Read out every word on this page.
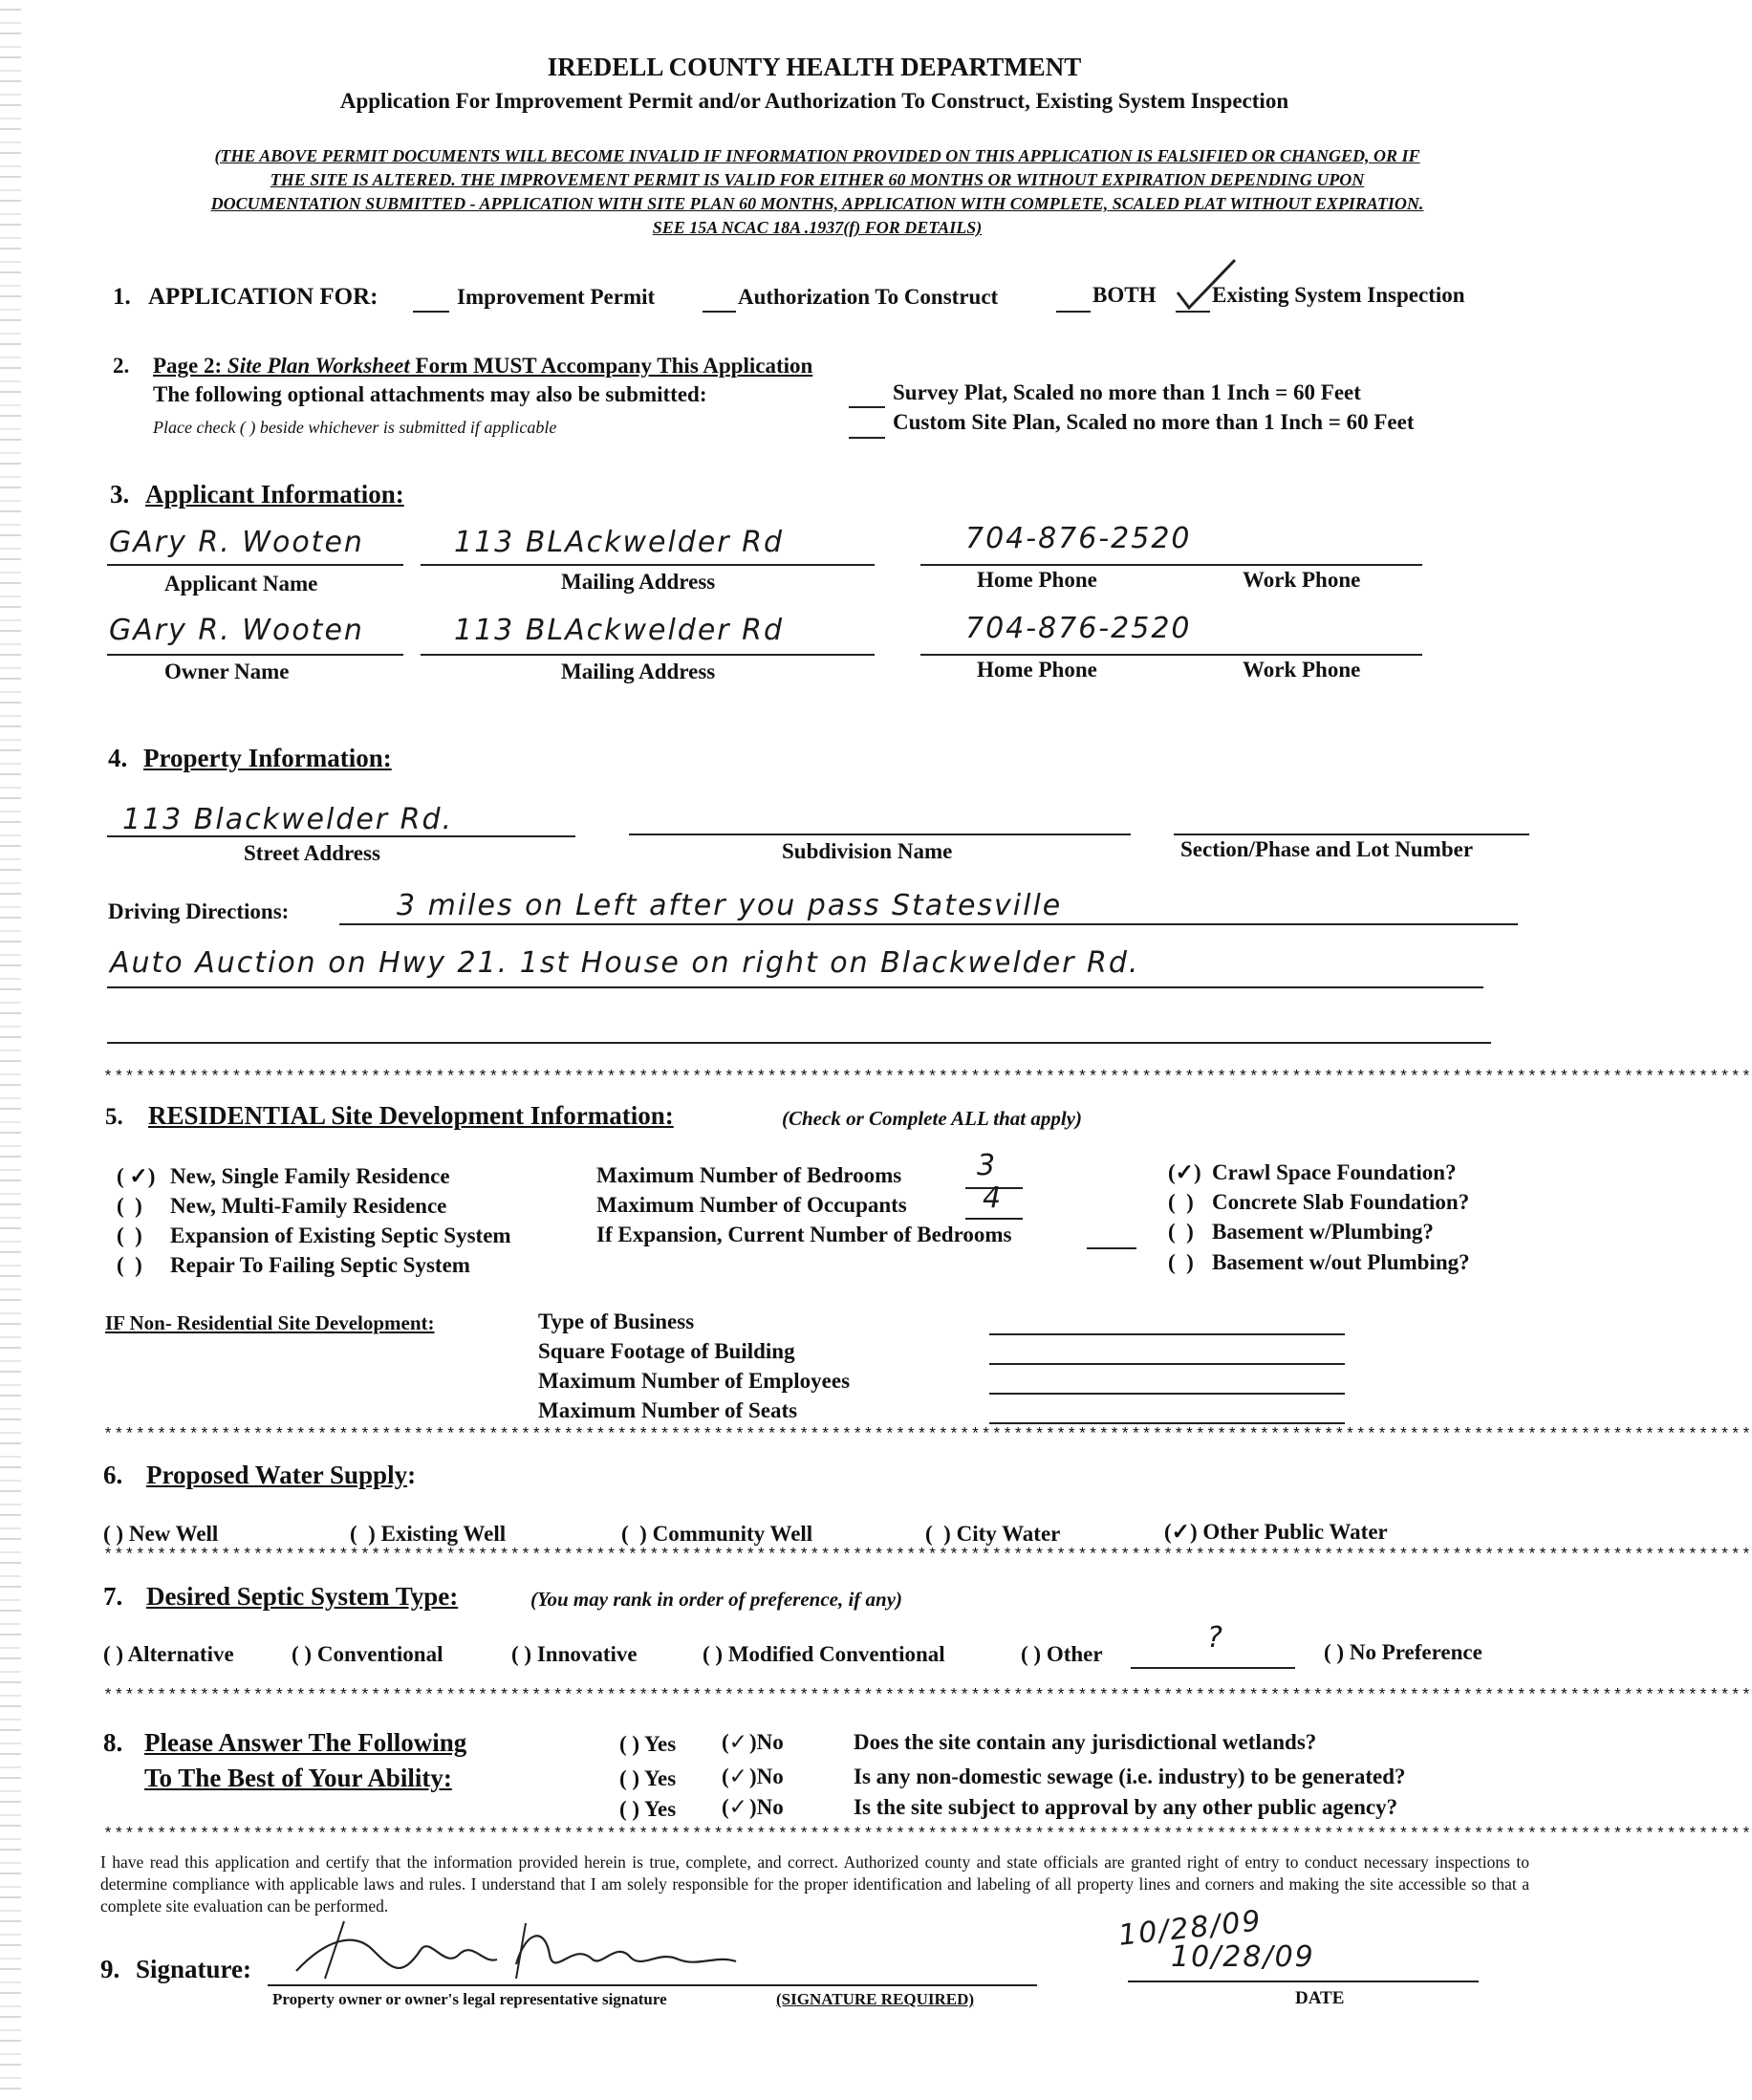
IREDELL COUNTY HEALTH DEPARTMENT
Application For Improvement Permit and/or Authorization To Construct, Existing System Inspection
(THE ABOVE PERMIT DOCUMENTS WILL BECOME INVALID IF INFORMATION PROVIDED ON THIS APPLICATION IS FALSIFIED OR CHANGED, OR IF
THE SITE IS ALTERED. THE IMPROVEMENT PERMIT IS VALID FOR EITHER 60 MONTHS OR WITHOUT EXPIRATION DEPENDING UPON
DOCUMENTATION SUBMITTED - APPLICATION WITH SITE PLAN 60 MONTHS, APPLICATION WITH COMPLETE, SCALED PLAT WITHOUT EXPIRATION.
SEE 15A NCAC 18A .1937(f) FOR DETAILS)
1. APPLICATION FOR:	Improvement Permit	Authorization To Construct	BOTH	Existing System Inspection
2. Page 2: Site Plan Worksheet Form MUST Accompany This Application
The following optional attachments may also be submitted:
Place check ( ) beside whichever is submitted if applicable
Survey Plat, Scaled no more than 1 Inch = 60 Feet
Custom Site Plan, Scaled no more than 1 Inch = 60 Feet
3. Applicant Information:
GAry R. Wooten	113 BLAckwelder Rd	704-876-2520
Applicant Name	Mailing Address	Home Phone	Work Phone
GAry R. Wooten	113 BLAckwelder Rd	704-876-2520
Owner Name	Mailing Address	Home Phone	Work Phone
4. Property Information:
113 Blackwelder Rd.
Street Address	Subdivision Name	Section/Phase and Lot Number
Driving Directions:	3 miles on Left after you pass Statesville
Auto Auction on Hwy 21. 1st House on right on Blackwelder Rd.
**********************************************************************************************************************************************************
5. RESIDENTIAL Site Development Information:	(Check or Complete ALL that apply)
( ✓) New, Single Family Residence
(  ) New, Multi-Family Residence
(  ) Expansion of Existing Septic System
(  ) Repair To Failing Septic System
Maximum Number of Bedrooms	3
Maximum Number of Occupants	4
If Expansion, Current Number of Bedrooms
(✓) Crawl Space Foundation?
(  ) Concrete Slab Foundation?
(  ) Basement w/Plumbing?
(  ) Basement w/out Plumbing?
IF Non- Residential Site Development:	Type of Business
Square Footage of Building
Maximum Number of Employees
Maximum Number of Seats
**********************************************************************************************************************************************************
6. Proposed Water Supply:
( ) New Well	(  ) Existing Well	(  ) Community Well	(  ) City Water	(✓) Other Public Water
**********************************************************************************************************************************************************
7. Desired Septic System Type:	(You may rank in order of preference, if any)
( ) Alternative	( ) Conventional	( ) Innovative	( ) Modified Conventional	( ) Other	?	( ) No Preference
**********************************************************************************************************************************************************
8. Please Answer The Following
To The Best of Your Ability:
( ) Yes (✓)No	Does the site contain any jurisdictional wetlands?
( ) Yes (✓)No	Is any non-domestic sewage (i.e. industry) to be generated?
( ) Yes (✓)No	Is the site subject to approval by any other public agency?
**********************************************************************************************************************************************************
I have read this application and certify that the information provided herein is true, complete, and correct. Authorized county and state officials are granted right of entry to conduct necessary inspections to determine compliance with applicable laws and rules. I understand that I am solely responsible for the proper identification and labeling of all property lines and corners and making the site accessible so that a complete site evaluation can be performed.
9. Signature:
Property owner or owner's legal representative signature	(SIGNATURE REQUIRED)
10/28/09
10/28/09
DATE
